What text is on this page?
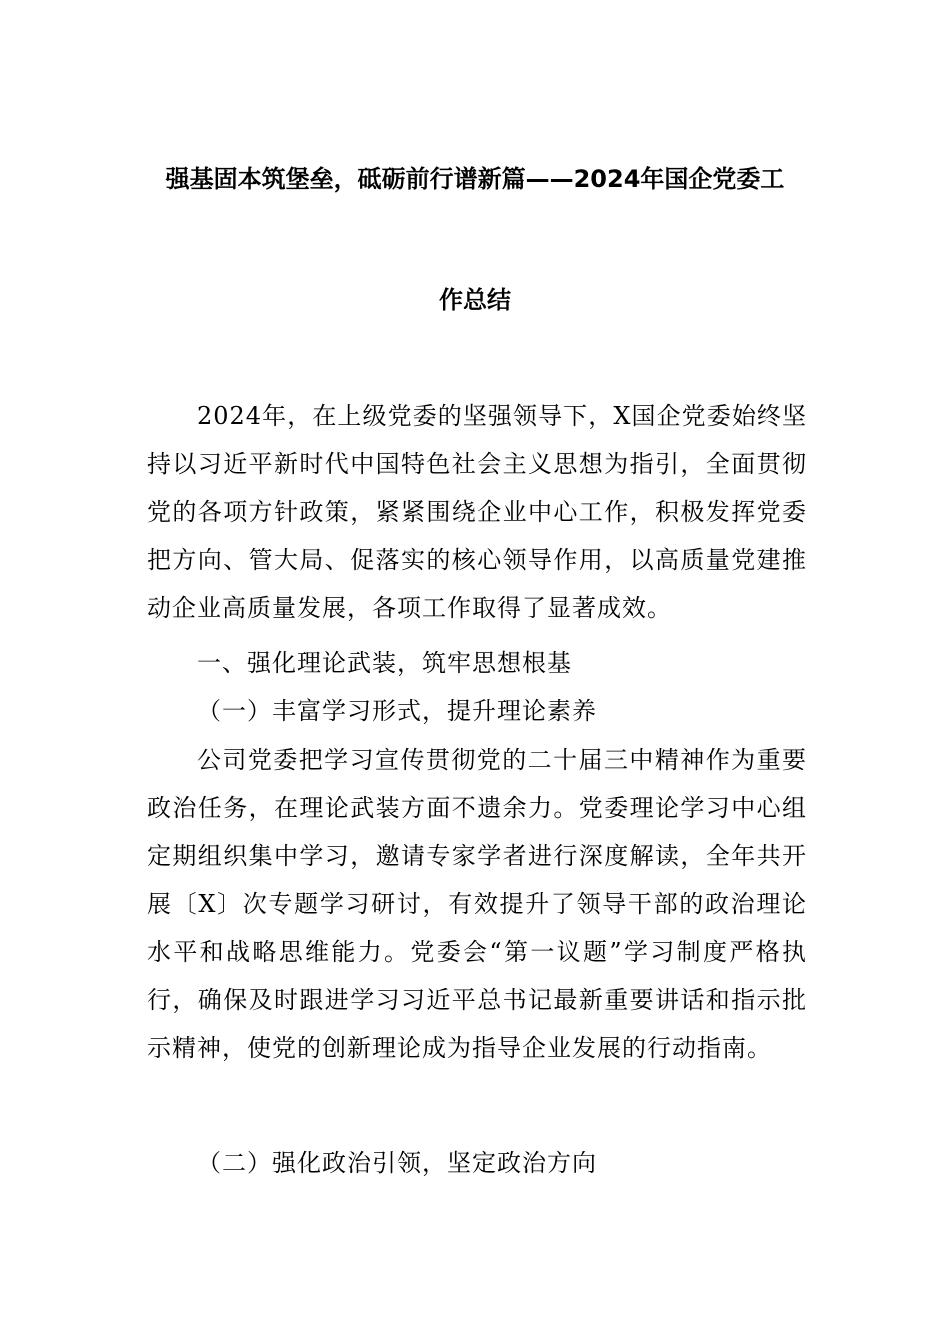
强基固本筑堡垒，砥砺前行谱新篇——2024年国企党委工
作总结
2024年，在上级党委的坚强领导下，X国企党委始终坚持以习近平新时代中国特色社会主义思想为指引，全面贯彻党的各项方针政策，紧紧围绕企业中心工作，积极发挥党委把方向、管大局、促落实的核心领导作用，以高质量党建推动企业高质量发展，各项工作取得了显著成效。
一、强化理论武装，筑牢思想根基
（一）丰富学习形式，提升理论素养
公司党委把学习宣传贯彻党的二十届三中精神作为重要政治任务，在理论武装方面不遗余力。党委理论学习中心组定期组织集中学习，邀请专家学者进行深度解读，全年共开展〔X〕次专题学习研讨，有效提升了领导干部的政治理论水平和战略思维能力。党委会“第一议题”学习制度严格执行，确保及时跟进学习习近平总书记最新重要讲话和指示批示精神，使党的创新理论成为指导企业发展的行动指南。
（二）强化政治引领，坚定政治方向
